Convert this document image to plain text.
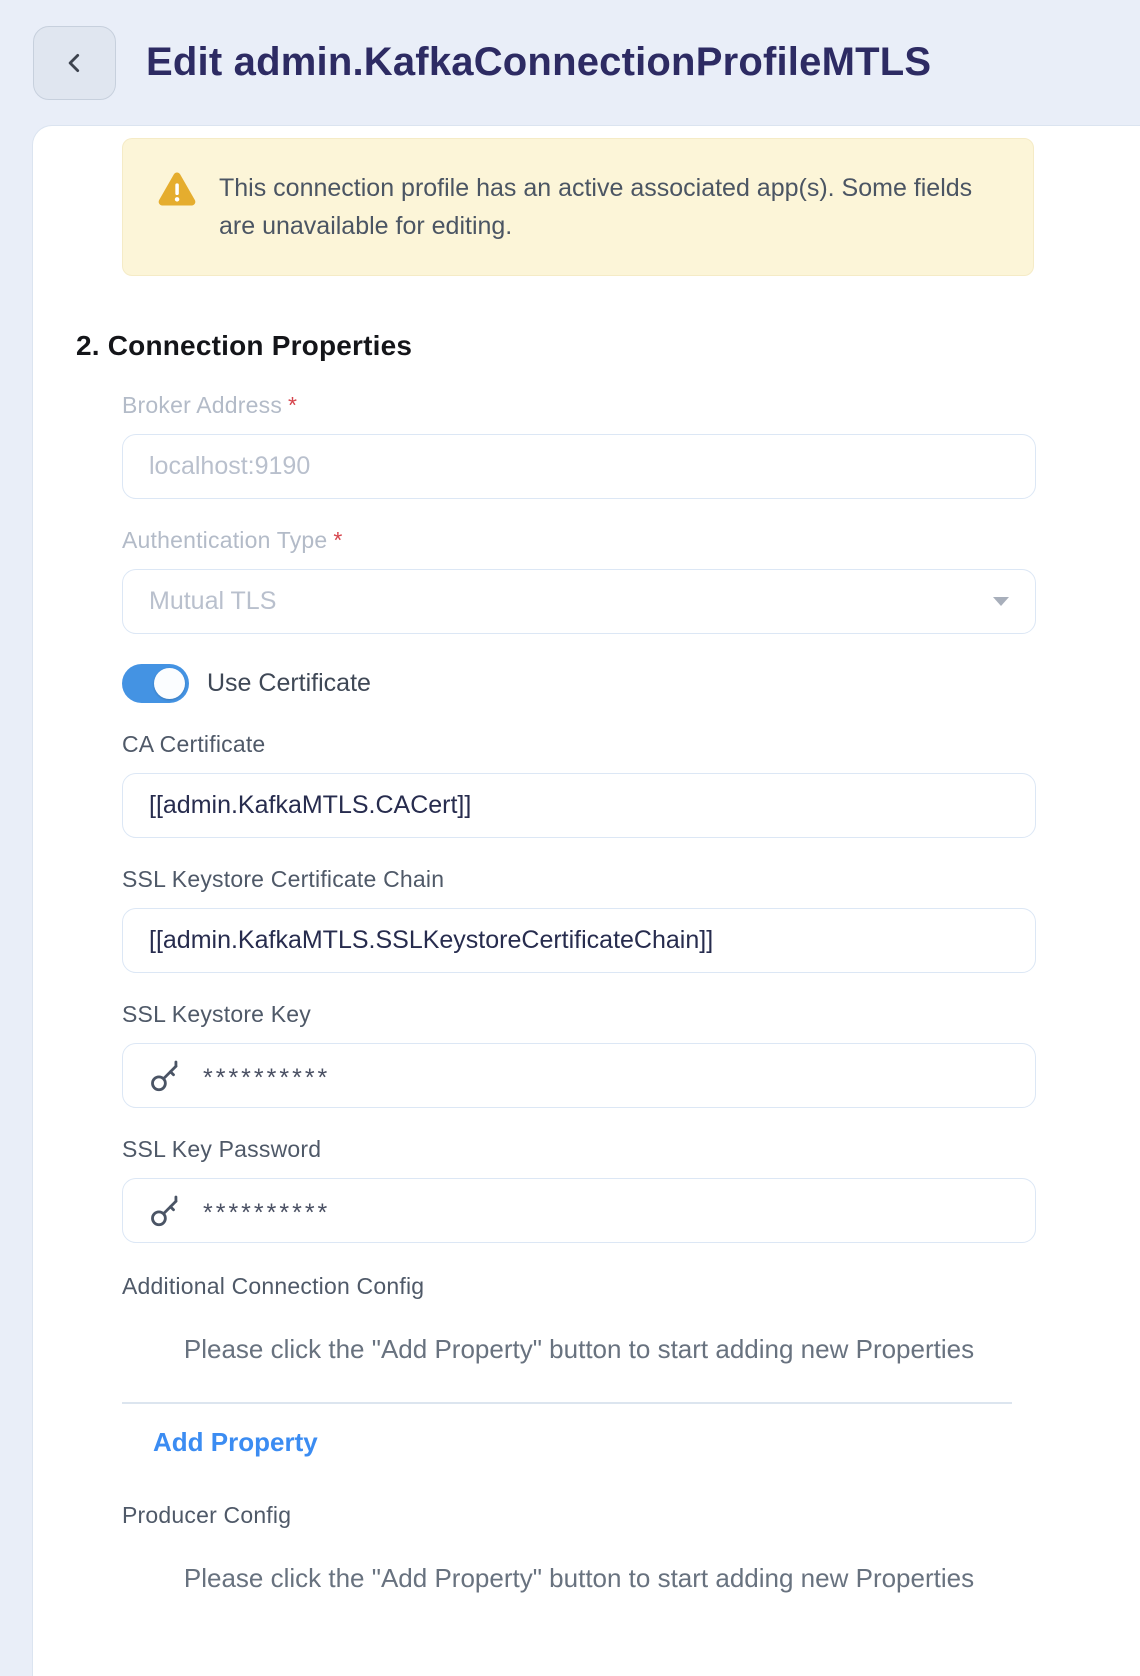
Edit admin.KafkaConnectionProfileMTLS
This connection profile has an active associated app(s). Some fields are unavailable for editing.
2. Connection Properties
Broker Address *
localhost:9190
Authentication Type *
Mutual TLS
Use Certificate
CA Certificate
[[admin.KafkaMTLS.CACert]]
SSL Keystore Certificate Chain
[[admin.KafkaMTLS.SSLKeystoreCertificateChain]]
SSL Keystore Key
**********
SSL Key Password
**********
Additional Connection Config
Please click the "Add Property" button to start adding new Properties
Add Property
Producer Config
Please click the "Add Property" button to start adding new Properties
